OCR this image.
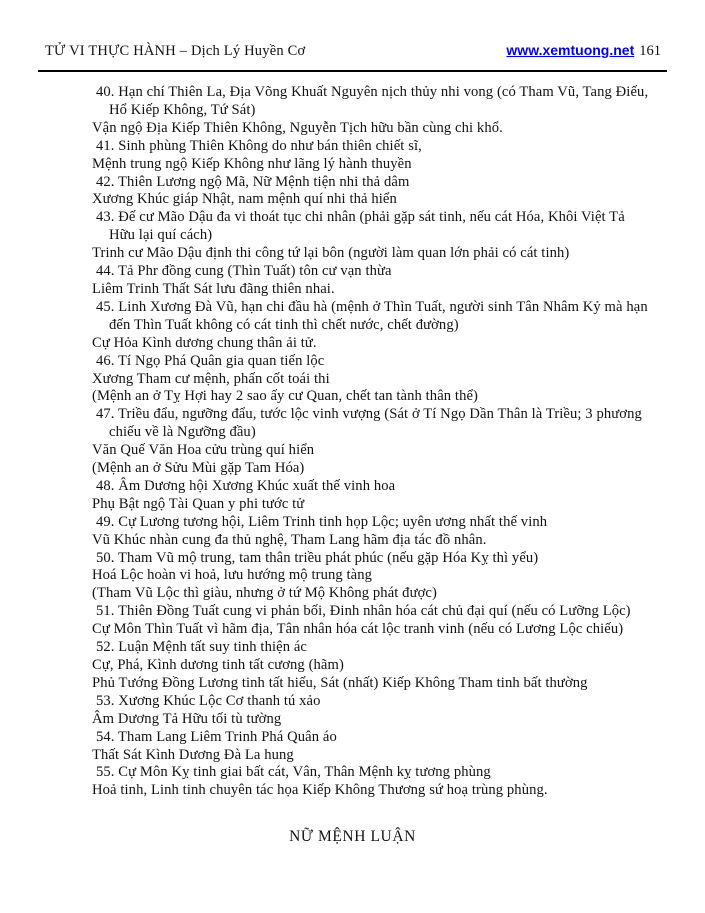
TỬ VI THỰC HÀNH – Dịch Lý Huyền Cơ	www.xemtuong.net 161
40. Hạn chí Thiên La, Địa Võng Khuất Nguyên nịch thủy nhi vong (có Tham Vũ, Tang Điếu,
Hổ Kiếp Không, Tứ Sát)
Vận ngộ Địa Kiếp Thiên Không, Nguyễn Tịch hữu bần cùng chi khổ.
41. Sinh phùng Thiên Không do như bán thiên chiết sĩ,
Mệnh trung ngộ Kiếp Không như lãng lý hành thuyền
42. Thiên Lương ngộ Mã, Nữ Mệnh tiện nhi thả dâm
Xương Khúc giáp Nhật, nam mệnh quí nhi thả hiển
43. Đế cư Mão Dậu đa vi thoát tục chi nhân (phải gặp sát tinh, nếu cát Hóa, Khôi Việt Tả
Hữu lại quí cách)
Trinh cư Mão Dậu định thi công tứ lại bôn (người làm quan lớn phải có cát tinh)
44. Tả Phr đồng cung (Thìn Tuất) tôn cư vạn thừa
Liêm Trinh Thất Sát lưu đãng thiên nhai.
45. Linh Xương Đà Vũ, hạn chi đầu hà (mệnh ở Thìn Tuất, người sinh Tân Nhâm Kỷ mà hạn
đến Thìn Tuất không có cát tinh thì chết nước, chết đường)
Cự Hỏa Kình dương chung thân ải tử.
46. Tí Ngọ Phá Quân gia quan tiến lộc
Xương Tham cư mệnh, phấn cốt toái thi
(Mệnh an ở Tỵ Hợi hay 2 sao ấy cư Quan, chết tan tành thân thể)
47. Triều đẩu, ngưỡng đẩu, tước lộc vinh vượng (Sát ở Tí Ngọ Dần Thân là Triều; 3 phương
chiếu về là Ngưỡng đầu)
Văn Quế Văn Hoa cửu trùng quí hiển
(Mệnh an ở Sửu Mùi gặp Tam Hóa)
48. Âm Dương hội Xương Khúc xuất thế vinh hoa
Phụ Bật ngộ Tài Quan y phi tước tử
49. Cự Lương tương hội, Liêm Trinh tinh họp Lộc; uyên ương nhất thế vinh
Vũ Khúc nhàn cung đa thủ nghệ, Tham Lang hãm địa tác đồ nhân.
50. Tham Vũ mộ trung, tam thân triều phát phúc (nếu gặp Hóa Kỵ thì yểu)
Hoá Lộc hoàn vi hoả, lưu hướng mộ trung tàng
(Tham Vũ Lộc thì giàu, nhưng ở tứ Mộ Không phát được)
51. Thiên Đồng Tuất cung vi phản bối, Đinh nhân hóa cát chủ đại quí (nếu có Lưỡng Lộc)
Cự Môn Thìn Tuất vì hãm địa, Tân nhân hóa cát lộc tranh vinh (nếu có Lương Lộc chiếu)
52. Luận Mệnh tất suy tinh thiện ác
Cự, Phá, Kình dương tinh tất cương (hãm)
Phủ Tướng Đồng Lương tinh tất hiếu, Sát (nhất) Kiếp Không Tham tinh bất thường
53. Xương Khúc Lộc Cơ thanh tú xảo
Âm Dương Tả Hữu tối tù tường
54. Tham Lang Liêm Trinh Phá Quân áo
Thất Sát Kình Dương Đà La hung
55. Cự Môn Kỵ tinh giai bất cát, Vân, Thân Mệnh kỵ tương phùng
Hoả tinh, Linh tinh chuyên tác họa Kiếp Không Thương sứ hoạ trùng phùng.
NỮ MỆNH LUẬN
